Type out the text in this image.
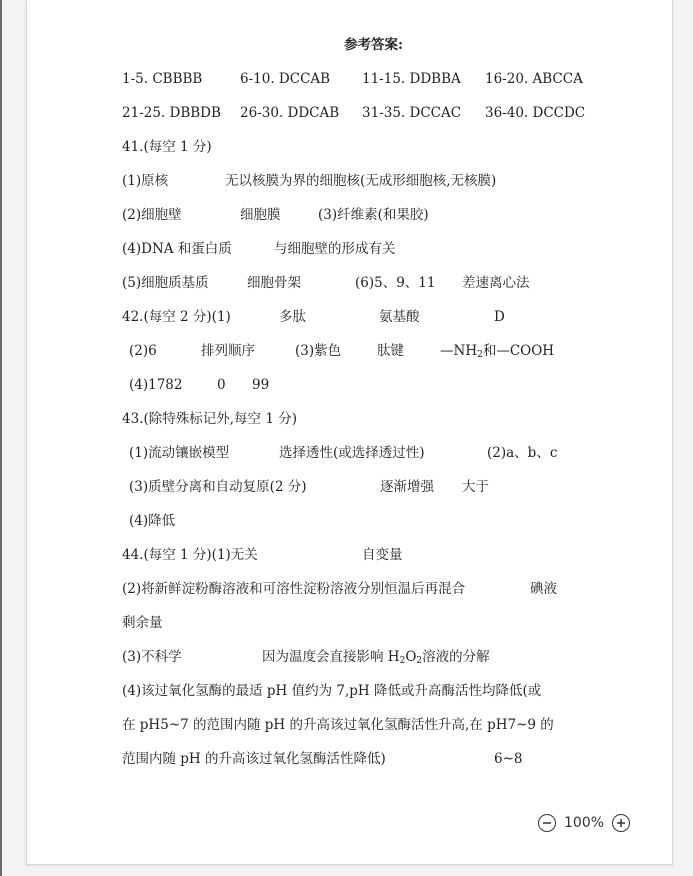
参考答案:

1-5. CBBBB

	6-10. DCCAB

11-15. DDBBA

16-20. ABCCA

21-25. DBBDB

26-30. DDCAB

31-35. DCCAC

36-40. DCCDC

41.(每空 1 分)

(1)原核

	无以核膜为界的细胞核(无成形细胞核,无核膜)

(2)细胞壁

	细胞膜

	(3)纤维素(和果胶)

(4)DNA 和蛋白质

	与细胞壁的形成有关

(5)细胞质基质

	细胞骨架

	(6)5、9、11

差速离心法

42.(每空 2 分)(1)

	多肽

	氨基酸

	D

(2)6

	排列顺序

	(3)紫色

	肽键

	$—NH_2$和—COOH

(4)1782

	0

99

43.(除特殊标记外,每空 1 分)

(1)流动镶嵌模型

	选择透性(或选择透过性)

	(2)a、b、c

(3)质壁分离和自动复原(2 分)

	逐渐增强

大于

(4)降低

44.(每空 1 分)(1)无关

	自变量

(2)将新鲜淀粉酶溶液和可溶性淀粉溶液分别恒温后再混合

	碘液

剩余量

(3)不科学

	因为温度会直接影响 $H_2O_2$溶液的分解

(4)该过氧化氢酶的最适 pH 值约为 7,pH 降低或升高酶活性均降低(或
在 pH5~7 的范围内随 pH 的升高该过氧化氢酶活性升高,在 pH7~9 的

范围内随 pH 的升高该过氧化氢酶活性降低)

	6~8

100%
